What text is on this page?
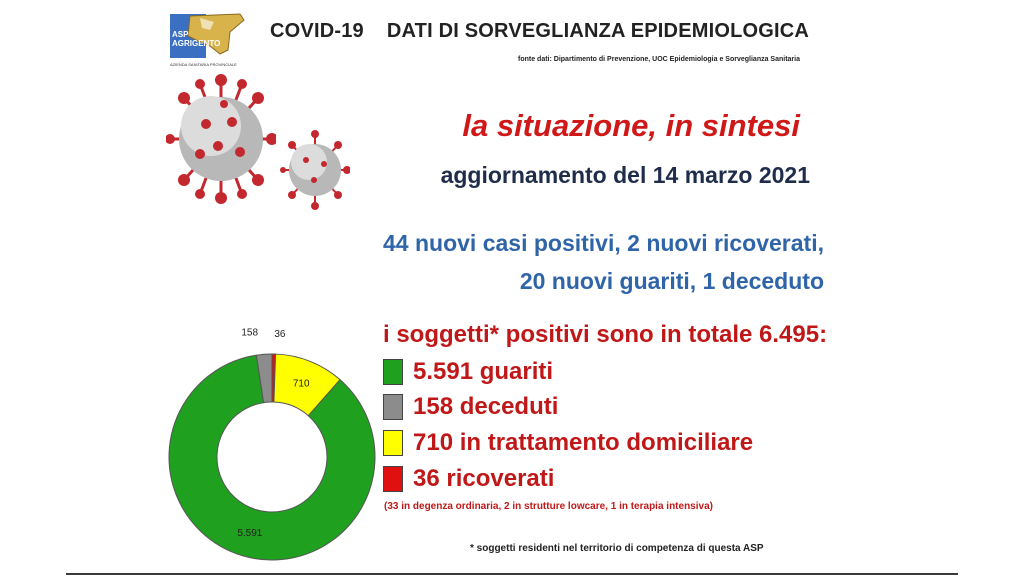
ASP
AGRIGENTO
AZIENDA SANITARIA PROVINCIALE
COVID-19    DATI DI SORVEGLIANZA EPIDEMIOLOGICA
fonte dati: Dipartimento di Prevenzione, UOC Epidemiologia e Sorveglianza Sanitaria
la situazione, in sintesi
aggiornamento del 14 marzo 2021
44 nuovi casi positivi, 2 nuovi ricoverati,
20 nuovi guariti, 1 deceduto
i soggetti* positivi sono in totale 6.495:
5.591 guariti
158 deceduti
710 in trattamento domiciliare
36 ricoverati
(33 in degenza ordinaria, 2 in strutture lowcare, 1 in terapia intensiva)
* soggetti residenti nel territorio di competenza di questa ASP
36
710
5.591
158
